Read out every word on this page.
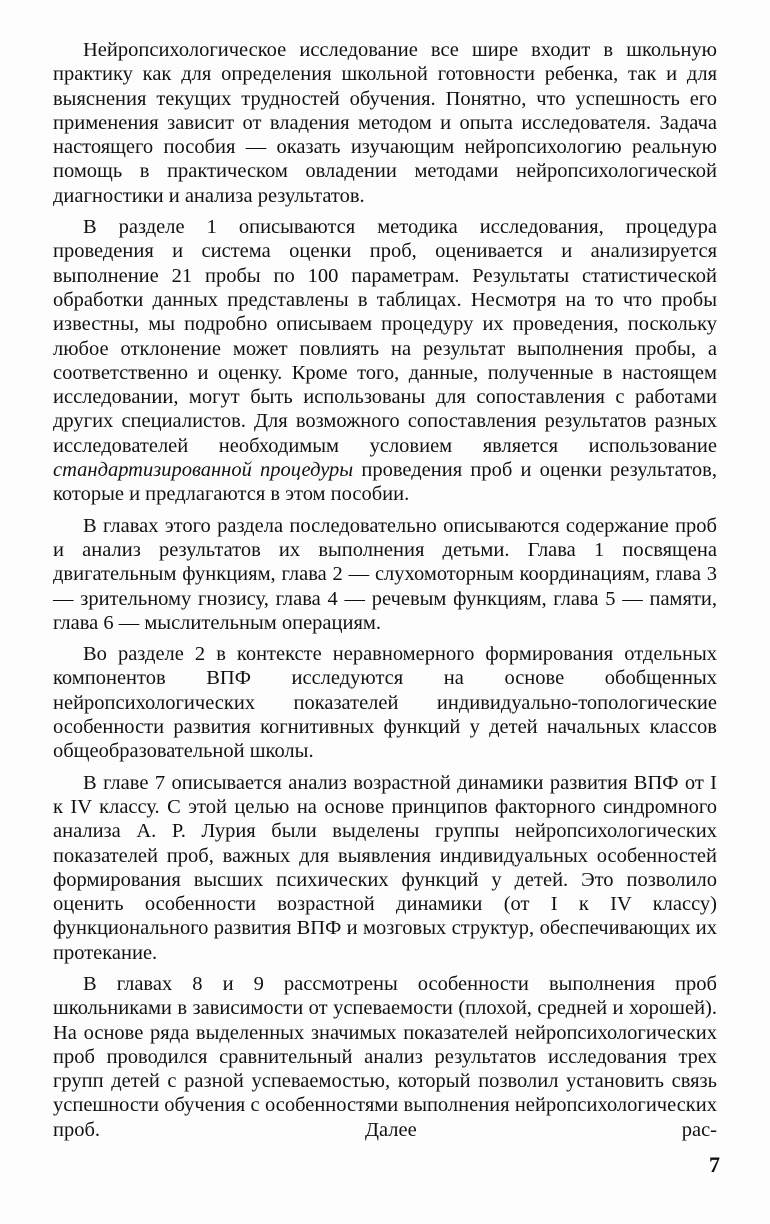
Нейропсихологическое исследование все шире входит в школьную практику как для определения школьной готовности ребенка, так и для выяснения текущих трудностей обучения. Понятно, что успешность его применения зависит от владения методом и опыта исследователя. Задача настоящего пособия — оказать изучающим нейропсихологию реальную помощь в практическом овладении методами нейропсихологической диагностики и анализа результатов.

В разделе 1 описываются методика исследования, процедура проведения и система оценки проб, оценивается и анализируется выполнение 21 пробы по 100 параметрам. Результаты статистической обработки данных представлены в таблицах. Несмотря на то что пробы известны, мы подробно описываем процедуру их проведения, поскольку любое отклонение может повлиять на результат выполнения пробы, а соответственно и оценку. Кроме того, данные, полученные в настоящем исследовании, могут быть использованы для сопоставления с работами других специалистов. Для возможного сопоставления результатов разных исследователей необходимым условием является использование стандартизированной процедуры проведения проб и оценки результатов, которые и предлагаются в этом пособии.

В главах этого раздела последовательно описываются содержание проб и анализ результатов их выполнения детьми. Глава 1 посвящена двигательным функциям, глава 2 — слухомоторным координациям, глава 3 — зрительному гнозису, глава 4 — речевым функциям, глава 5 — памяти, глава 6 — мыслительным операциям.

Во разделе 2 в контексте неравномерного формирования отдельных компонентов ВПФ исследуются на основе обобщенных нейропсихологических показателей индивидуально-топологические особенности развития когнитивных функций у детей начальных классов общеобразовательной школы.

В главе 7 описывается анализ возрастной динамики развития ВПФ от I к IV классу. С этой целью на основе принципов факторного синдромного анализа А. Р. Лурия были выделены группы нейропсихологических показателей проб, важных для выявления индивидуальных особенностей формирования высших психических функций у детей. Это позволило оценить особенности возрастной динамики (от I к IV классу) функционального развития ВПФ и мозговых структур, обеспечивающих их протекание.

В главах 8 и 9 рассмотрены особенности выполнения проб школьниками в зависимости от успеваемости (плохой, средней и хорошей). На основе ряда выделенных значимых показателей нейропсихологических проб проводился сравнительный анализ результатов исследования трех групп детей с разной успеваемостью, который позволил установить связь успешности обучения с особенностями выполнения нейропсихологических проб. Далее рас-

7
